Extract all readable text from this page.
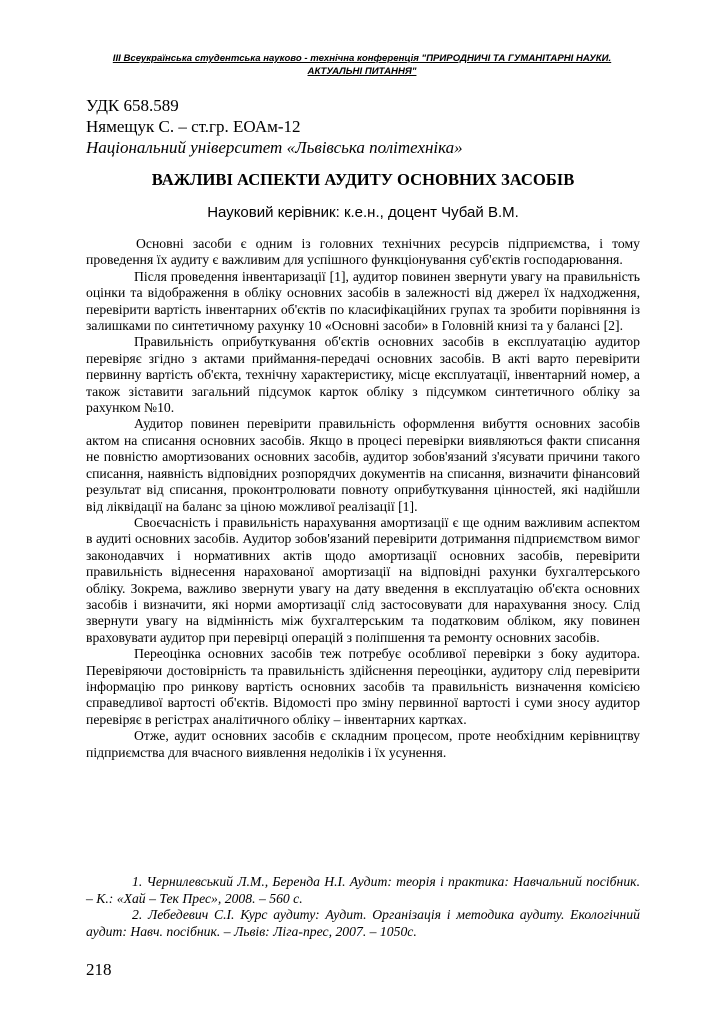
ІІІ Всеукраїнська студентська науково - технічна конференція "ПРИРОДНИЧІ ТА ГУМАНІТАРНІ НАУКИ.
АКТУАЛЬНІ ПИТАННЯ"
УДК 658.589
Нямещук С. – ст.гр. ЕОАм-12
Національний університет «Львівська політехніка»
ВАЖЛИВІ АСПЕКТИ АУДИТУ ОСНОВНИХ ЗАСОБІВ
Науковий керівник: к.е.н., доцент Чубай В.М.

Основні засоби є одним із головних технічних ресурсів підприємства, і тому проведення їх аудиту є важливим для успішного функціонування суб'єктів господарювання.

Після проведення інвентаризації [1], аудитор повинен звернути увагу на правильність оцінки та відображення в обліку основних засобів в залежності від джерел їх надходження, перевірити вартість інвентарних об'єктів по класифікаційних групах та зробити порівняння із залишками по синтетичному рахунку 10 «Основні засоби» в Головній книзі та у балансі [2].

Правильність оприбуткування об'єктів основних засобів в експлуатацію аудитор перевіряє згідно з актами приймання-передачі основних засобів. В акті варто перевірити первинну вартість об'єкта, технічну характеристику, місце експлуатації, інвентарний номер, а також зіставити загальний підсумок карток обліку з підсумком синтетичного обліку за рахунком №10.

Аудитор повинен перевірити правильність оформлення вибуття основних засобів актом на списання основних засобів. Якщо в процесі перевірки виявляються факти списання не повністю амортизованих основних засобів, аудитор зобов'язаний з'ясувати причини такого списання, наявність відповідних розпорядчих документів на списання, визначити фінансовий результат від списання, проконтролювати повноту оприбуткування цінностей, які надійшли від ліквідації на баланс за ціною можливої реалізації [1].

Своєчасність і правильність нарахування амортизації є ще одним важливим аспектом в аудиті основних засобів. Аудитор зобов'язаний перевірити дотримання підприємством вимог законодавчих і нормативних актів щодо амортизації основних засобів, перевірити правильність віднесення нарахованої амортизації на відповідні рахунки бухгалтерського обліку. Зокрема, важливо звернути увагу на дату введення в експлуатацію об'єкта основних засобів і визначити, які норми амортизації слід застосовувати для нарахування зносу. Слід звернути увагу на відмінність між бухгалтерським та податковим обліком, яку повинен враховувати аудитор при перевірці операцій з поліпшення та ремонту основних засобів.

Переоцінка основних засобів теж потребує особливої перевірки з боку аудитора. Перевіряючи достовірність та правильність здійснення переоцінки, аудитору слід перевірити інформацію про ринкову вартість основних засобів та правильність визначення комісією справедливої вартості об'єктів. Відомості про зміну первинної вартості і суми зносу аудитор перевіряє в регістрах аналітичного обліку – інвентарних картках.

Отже, аудит основних засобів є складним процесом, проте необхідним керівництву підприємства для вчасного виявлення недоліків і їх усунення.

1. Чернилевський Л.М., Беренда Н.І. Аудит: теорія і практика: Навчальний посібник. – К.: «Хай – Тек Прес», 2008. – 560 с.

2. Лебедевич С.І. Курс аудиту: Аудит. Організація і методика аудиту. Екологічний аудит: Навч. посібник. – Львів: Ліга-прес, 2007. – 1050с.

218
